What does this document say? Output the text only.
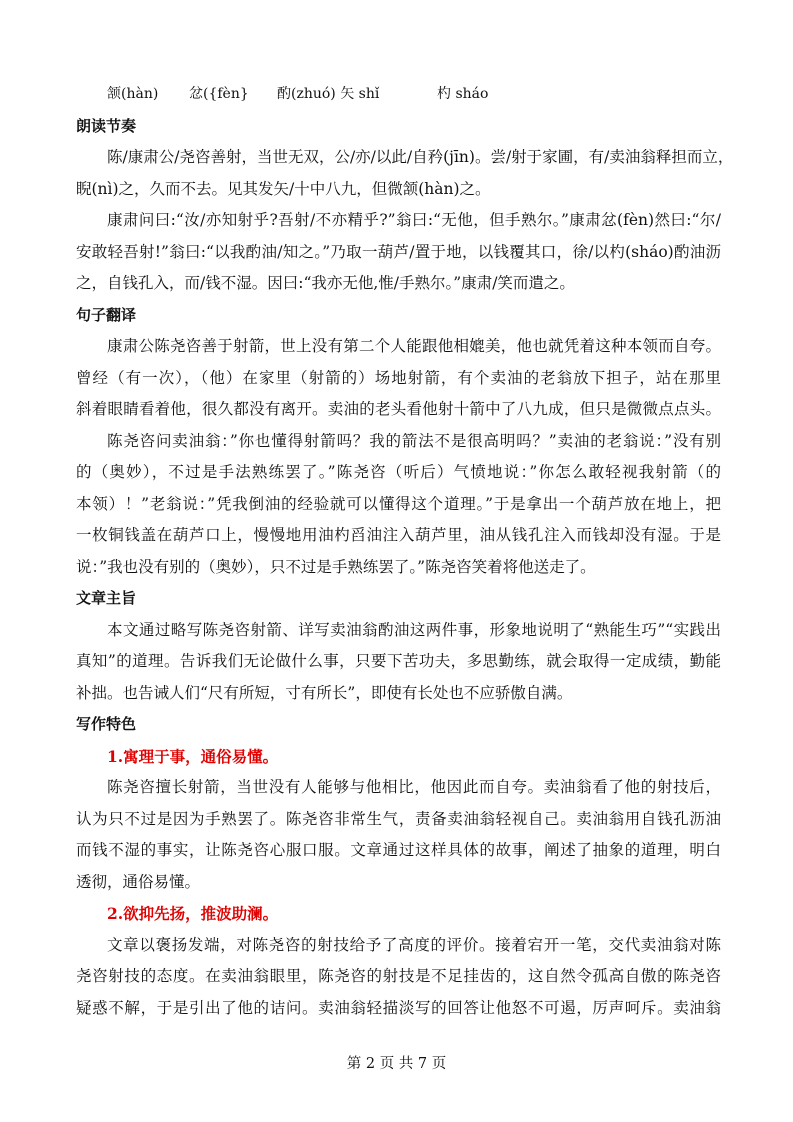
颔(hàn) 忿({fèn} 酌(zhuó) 矢 shǐ	杓 sháo
朗读节奏
陈/康肃公/尧咨善射，当世无双，公/亦/以此/自矜(jīn)。尝/射于家圃，有/卖油翁释担而立，
睨(nì)之，久而不去。见其发矢/十中八九，但微颔(hàn)之。
康肃问曰:“汝/亦知射乎?吾射/不亦精乎?”翁曰:“无他，但手熟尔。”康肃忿(fèn)然曰:“尔/
安敢轻吾射!”翁曰:“以我酌油/知之。”乃取一葫芦/置于地，以钱覆其口，徐/以杓(sháo)酌油沥
之，自钱孔入，而/钱不湿。因曰:“我亦无他,惟/手熟尔。”康肃/笑而遣之。
句子翻译
康肃公陈尧咨善于射箭，世上没有第二个人能跟他相媲美，他也就凭着这种本领而自夸。
曾经（有一次），（他）在家里（射箭的）场地射箭，有个卖油的老翁放下担子，站在那里
斜着眼睛看着他，很久都没有离开。卖油的老头看他射十箭中了八九成，但只是微微点点头。
陈尧咨问卖油翁：”你也懂得射箭吗？我的箭法不是很高明吗？”卖油的老翁说：”没有别
的（奥妙），不过是手法熟练罢了。”陈尧咨（听后）气愤地说：”你怎么敢轻视我射箭（的
本领）！”老翁说：”凭我倒油的经验就可以懂得这个道理。”于是拿出一个葫芦放在地上，把
一枚铜钱盖在葫芦口上，慢慢地用油杓舀油注入葫芦里，油从钱孔注入而钱却没有湿。于是
说：”我也没有别的（奥妙），只不过是手熟练罢了。”陈尧咨笑着将他送走了。
文章主旨
本文通过略写陈尧咨射箭、详写卖油翁酌油这两件事，形象地说明了“熟能生巧”“实践出
真知”的道理。告诉我们无论做什么事，只要下苦功夫，多思勤练，就会取得一定成绩，勤能
补拙。也告诫人们“尺有所短，寸有所长”，即使有长处也不应骄傲自满。
写作特色
1.寓理于事，通俗易懂。
陈尧咨擅长射箭，当世没有人能够与他相比，他因此而自夸。卖油翁看了他的射技后，
认为只不过是因为手熟罢了。陈尧咨非常生气，责备卖油翁轻视自己。卖油翁用自钱孔沥油
而钱不湿的事实，让陈尧咨心服口服。文章通过这样具体的故事，阐述了抽象的道理，明白
透彻，通俗易懂。
2.欲抑先扬，推波助澜。
文章以褒扬发端，对陈尧咨的射技给予了高度的评价。接着宕开一笔，交代卖油翁对陈
尧咨射技的态度。在卖油翁眼里，陈尧咨的射技是不足挂齿的，这自然令孤高自傲的陈尧咨
疑惑不解，于是引出了他的诘问。卖油翁轻描淡写的回答让他怒不可遏，厉声呵斥。卖油翁
第 2 页 共 7 页
